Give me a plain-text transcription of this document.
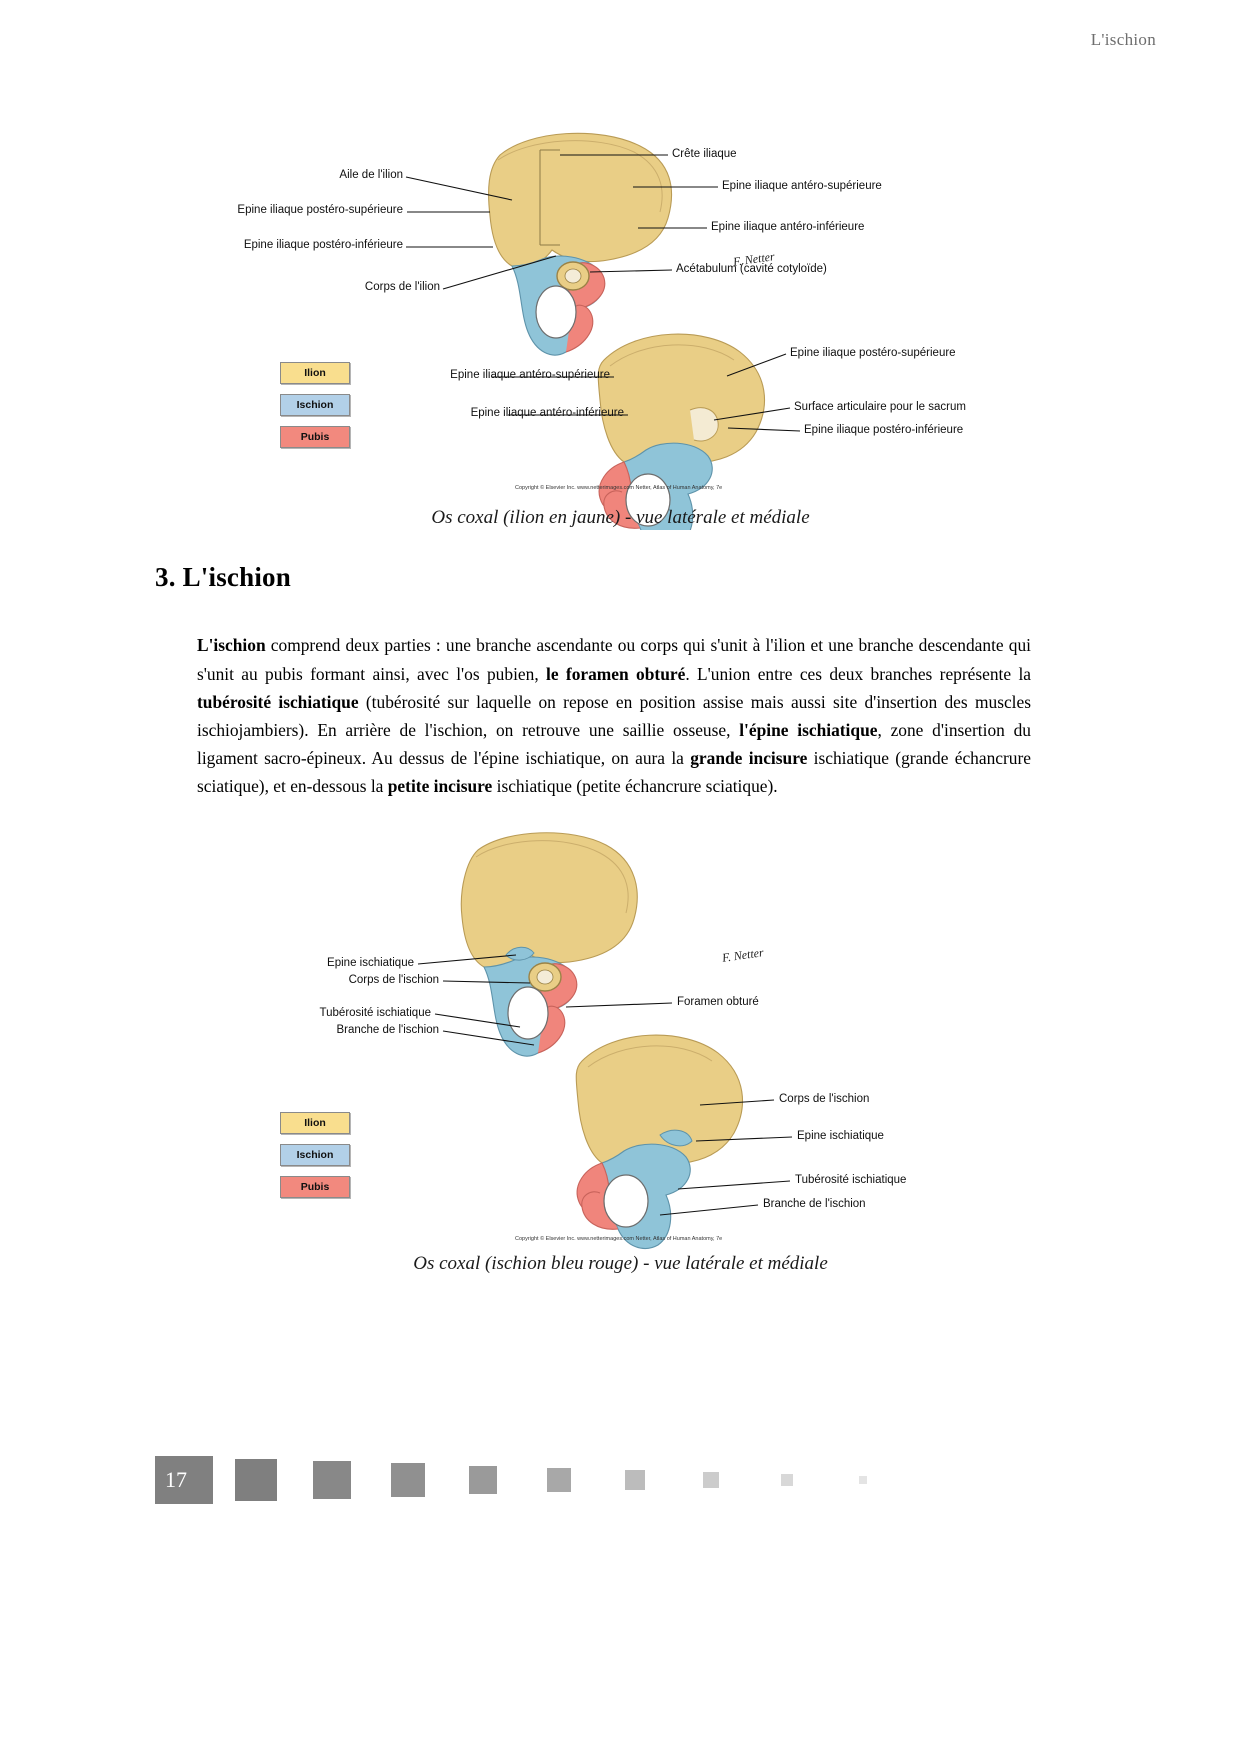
L'ischion
Aile de l'ilion
Epine iliaque postéro-supérieure
Epine iliaque postéro-inférieure
Corps de l'ilion
Crête iliaque
Epine iliaque antéro-supérieure
Epine iliaque antéro-inférieure
Acétabulum (cavité cotyloïde)
Epine iliaque antéro-supérieure
Epine iliaque antéro-inférieure
Epine iliaque postéro-supérieure
Surface articulaire pour le sacrum
Epine iliaque postéro-inférieure
F. Netter
Copyright © Elsevier Inc. www.netterimages.com Netter, Atlas of Human Anatomy, 7e
Ilion
Ischion
Pubis
Os coxal (ilion en jaune) - vue latérale et médiale
3. L'ischion

L'ischion comprend deux parties : une branche ascendante ou corps qui s'unit à l'ilion et une branche descendante qui s'unit au pubis formant ainsi, avec l'os pubien, le foramen obturé. L'union entre ces deux branches représente la tubérosité ischiatique (tubérosité sur laquelle on repose en position assise mais aussi site d'insertion des muscles ischiojambiers). En arrière de l'ischion, on retrouve une saillie osseuse, l'épine ischiatique, zone d'insertion du ligament sacro-épineux. Au dessus de l'épine ischiatique, on aura la grande incisure ischiatique (grande échancrure sciatique), et en-dessous la petite incisure ischiatique (petite échancrure sciatique).

Epine ischiatique
Corps de l'ischion
Tubérosité ischiatique
Branche de l'ischion
Foramen obturé
Corps de l'ischion
Epine ischiatique
Tubérosité ischiatique
Branche de l'ischion
F. Netter
Copyright © Elsevier Inc. www.netterimages.com Netter, Atlas of Human Anatomy, 7e
Ilion
Ischion
Pubis
Os coxal (ischion bleu rouge) - vue latérale et médiale
17
